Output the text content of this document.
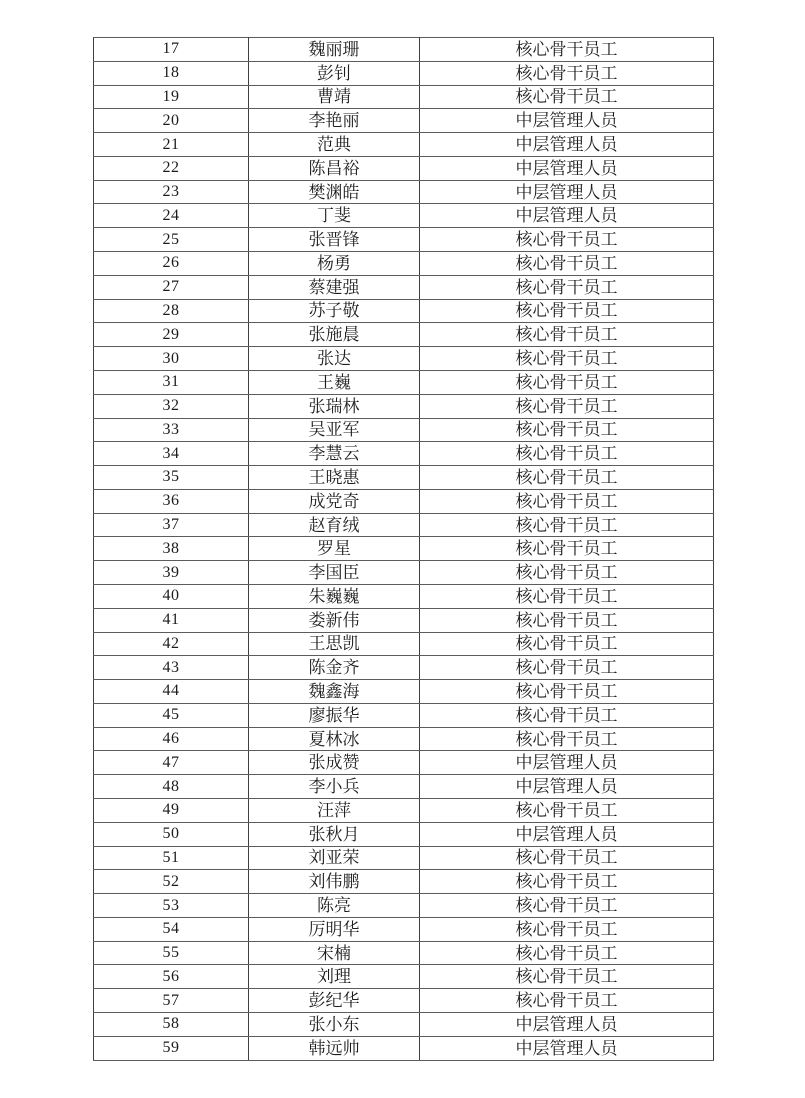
17	魏丽珊	核心骨干员工
18	彭钊	核心骨干员工
19	曹靖	核心骨干员工
20	李艳丽	中层管理人员
21	范典	中层管理人员
22	陈昌裕	中层管理人员
23	樊渊皓	中层管理人员
24	丁斐	中层管理人员
25	张晋锋	核心骨干员工
26	杨勇	核心骨干员工
27	蔡建强	核心骨干员工
28	苏子敬	核心骨干员工
29	张施晨	核心骨干员工
30	张达	核心骨干员工
31	王巍	核心骨干员工
32	张瑞林	核心骨干员工
33	吴亚军	核心骨干员工
34	李慧云	核心骨干员工
35	王晓惠	核心骨干员工
36	成党奇	核心骨干员工
37	赵育绒	核心骨干员工
38	罗星	核心骨干员工
39	李国臣	核心骨干员工
40	朱巍巍	核心骨干员工
41	娄新伟	核心骨干员工
42	王思凯	核心骨干员工
43	陈金齐	核心骨干员工
44	魏鑫海	核心骨干员工
45	廖振华	核心骨干员工
46	夏林冰	核心骨干员工
47	张成赞	中层管理人员
48	李小兵	中层管理人员
49	汪萍	核心骨干员工
50	张秋月	中层管理人员
51	刘亚荣	核心骨干员工
52	刘伟鹏	核心骨干员工
53	陈亮	核心骨干员工
54	厉明华	核心骨干员工
55	宋楠	核心骨干员工
56	刘理	核心骨干员工
57	彭纪华	核心骨干员工
58	张小东	中层管理人员
59	韩远帅	中层管理人员
